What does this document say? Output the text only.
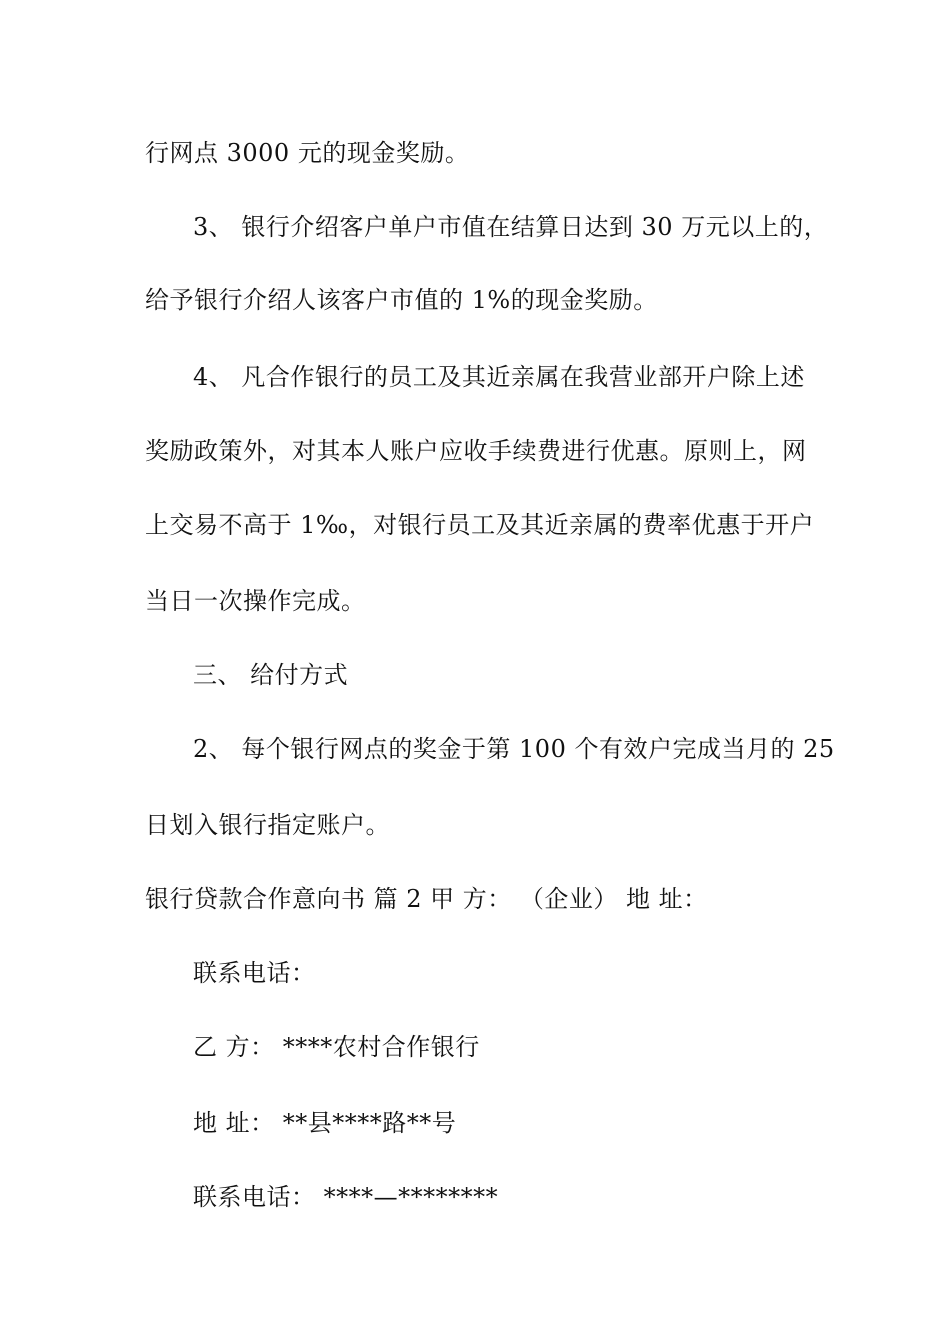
行网点 3000 元的现金奖励。
3、 银行介绍客户单户市值在结算日达到 30 万元以上的，
给予银行介绍人该客户市值的 1%的现金奖励。
4、 凡合作银行的员工及其近亲属在我营业部开户除上述
奖励政策外，对其本人账户应收手续费进行优惠。原则上，网
上交易不高于 1‰，对银行员工及其近亲属的费率优惠于开户
当日一次操作完成。
三、 给付方式
2、 每个银行网点的奖金于第 100 个有效户完成当月的 25
日划入银行指定账户。
银行贷款合作意向书 篇 2 甲 方： （企业） 地 址：
联系电话：
乙 方： ****农村合作银行
地 址： **县****路**号
联系电话： ****—********
